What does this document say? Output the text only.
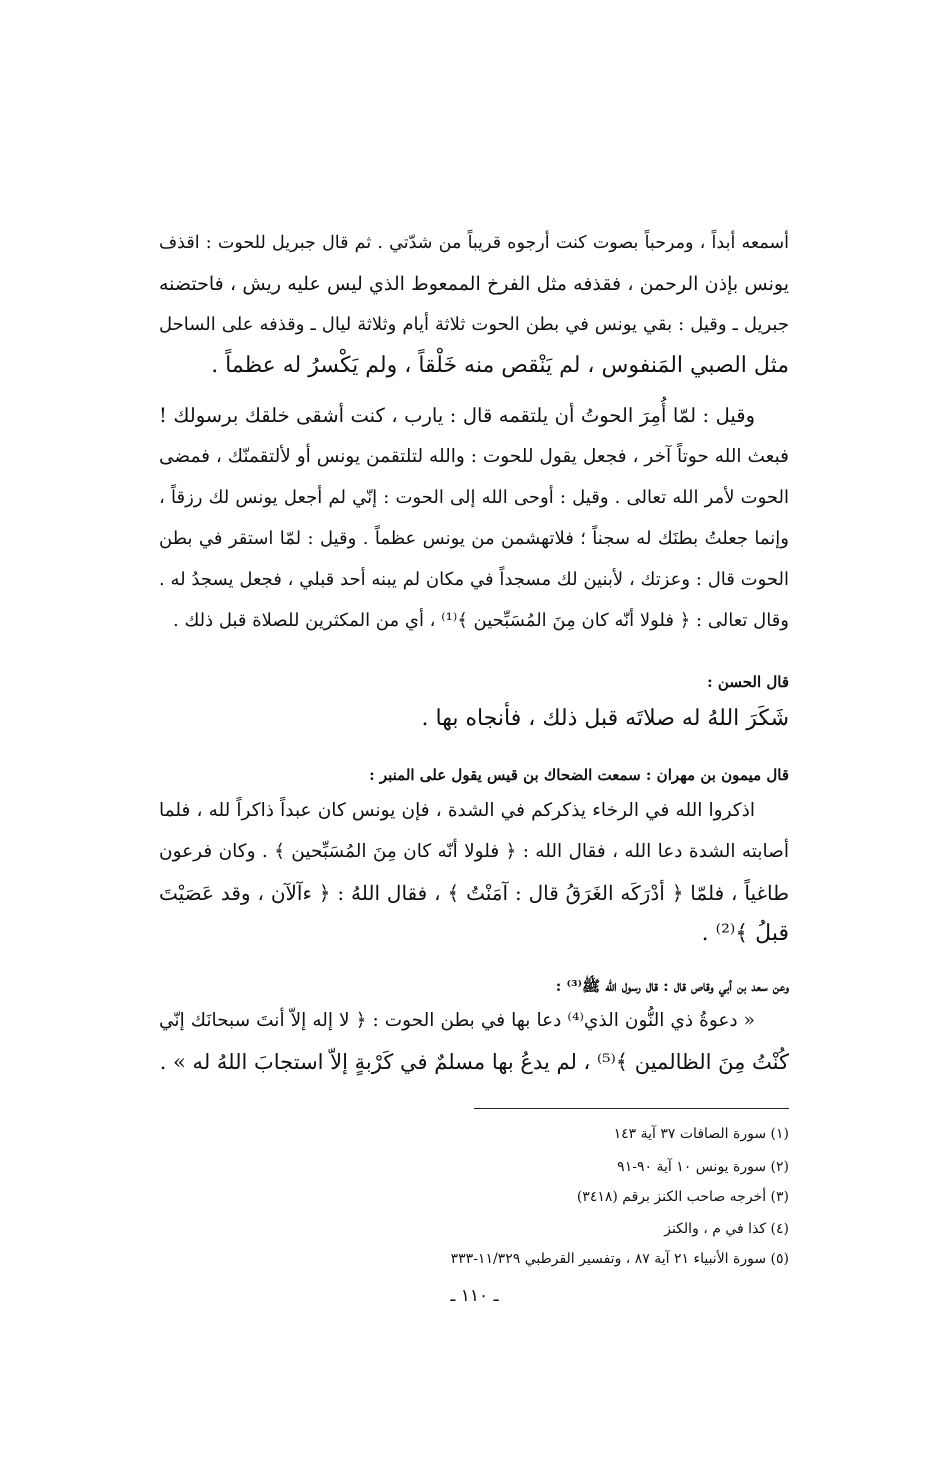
أسمعه أبداً ، ومرحباً بصوت كنت أرجوه قريباً من شدّتي . ثم قال جبريل للحوت : اقذف
يونس بإذن الرحمن ، فقذفه مثل الفرخ الممعوط الذي ليس عليه ريش ، فاحتضنه
جبريل ـ وقيل : بقي يونس في بطن الحوت ثلاثة أيام وثلاثة ليال ـ وقذفه على الساحل
مثل الصبي المَنفوس ، لم يَنْقص منه خَلْقاً ، ولم يَكْسرُ له عظماً .
وقيل : لمّا أُمِرَ الحوتُ أن يلتقمه قال : يارب ، كنت أشقى خلقك برسولك !
فبعث الله حوتاً آخر ، فجعل يقول للحوت : والله لتلتقمن يونس أو لألتقمنّك ، فمضى
الحوت لأمر الله تعالى . وقيل : أوحى الله إلى الحوت : إنّي لم أجعل يونس لك رزقاً ،
وإنما جعلتُ بطنَك له سجناً ؛ فلاتهشمن من يونس عظماً . وقيل : لمّا استقر في بطن
الحوت قال : وعزتك ، لأبنين لك مسجداً في مكان لم يبنه أحد قبلي ، فجعل يسجدُ له .
وقال تعالى : ﴿ فلولا أنّه كان مِنَ المُسَبِّحين ﴾⁽¹⁾ ، أي من المكثرين للصلاة قبل ذلك .
قال الحسن :
شَكَرَ اللهُ له صلاتَه قبل ذلك ، فأنجاه بها .
قال ميمون بن مهران : سمعت الضحاك بن قيس يقول على المنبر :
اذكروا الله في الرخاء يذكركم في الشدة ، فإن يونس كان عبداً ذاكراً لله ، فلما
أصابته الشدة دعا الله ، فقال الله : ﴿ فلولا أنّه كان مِنَ المُسَبِّحين ﴾ . وكان فرعون
طاغياً ، فلمّا ﴿ أدْرَكَه الغَرَقُ قال : آمَنْتُ ﴾ ، فقال اللهُ : ﴿ ءآلآن ، وقد عَصَيْتَ
قبلُ ﴾⁽²⁾ .
وعن سعد بن أبي وقاص قال : قال رسول الله ﷺ⁽³⁾ :
« دعوةُ ذي النُّون الذي⁽⁴⁾ دعا بها في بطن الحوت : ﴿ لا إله إلاّ أنتَ سبحانَك إنّي
كُنْتُ مِنَ الظالمين ﴾⁽⁵⁾ ، لم يدعُ بها مسلمٌ في كَرْبةٍ إلاّ استجابَ اللهُ له » .
(١) سورة الصافات ٣٧ آية ١٤٣
(٢) سورة يونس ١٠ آية ٩٠-٩١
(٣) أخرجه صاحب الكنز برقم (٣٤١٨)
(٤) كذا في م ، والكنز
(٥) سورة الأنبياء ٢١ آية ٨٧ ، وتفسير القرطبي ١١/٣٢٩-٣٣٣
ـ ١١٠ ـ
